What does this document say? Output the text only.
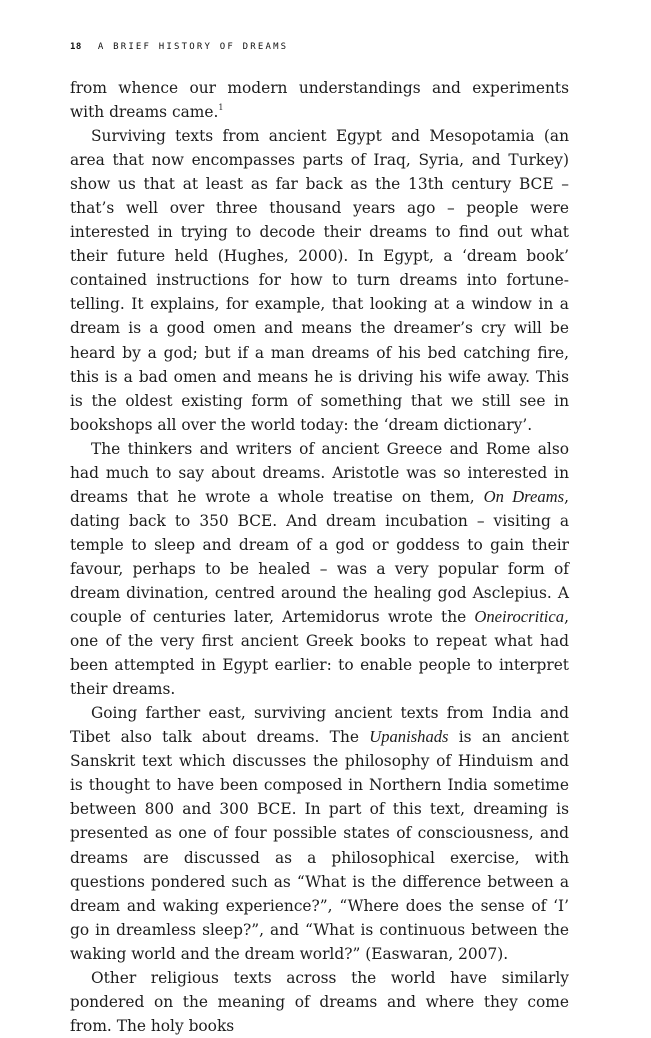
18 A BRIEF HISTORY OF DREAMS

from whence our modern understandings and experiments with dreams came.$^1$

Surviving texts from ancient Egypt and Mesopotamia (an area that now encompasses parts of Iraq, Syria, and Turkey) show us that at least as far back as the 13th century BCE – that’s well over three thousand years ago – people were interested in trying to decode their dreams to find out what their future held (Hughes, 2000). In Egypt, a ‘dream book’ contained instructions for how to turn dreams into fortune-telling. It explains, for example, that looking at a window in a dream is a good omen and means the dreamer’s cry will be heard by a god; but if a man dreams of his bed catching fire, this is a bad omen and means he is driving his wife away. This is the oldest existing form of something that we still see in bookshops all over the world today: the ‘dream dictionary’.

The thinkers and writers of ancient Greece and Rome also had much to say about dreams. Aristotle was so interested in dreams that he wrote a whole treatise on them, On Dreams, dating back to 350 BCE. And dream incubation – visiting a temple to sleep and dream of a god or goddess to gain their favour, perhaps to be healed – was a very popular form of dream divination, centred around the healing god Asclepius. A couple of centuries later, Artemidorus wrote the Oneirocritica, one of the very first ancient Greek books to repeat what had been attempted in Egypt earlier: to enable people to interpret their dreams.

Going farther east, surviving ancient texts from India and Tibet also talk about dreams. The Upanishads is an ancient Sanskrit text which discusses the philosophy of Hinduism and is thought to have been composed in Northern India sometime between 800 and 300 BCE. In part of this text, dreaming is presented as one of four possible states of consciousness, and dreams are discussed as a philosophical exercise, with questions pondered such as “What is the difference between a dream and waking experience?”, “Where does the sense of ‘I’ go in dreamless sleep?”, and “What is continuous between the waking world and the dream world?” (Easwaran, 2007).

Other religious texts across the world have similarly pondered on the meaning of dreams and where they come from. The holy books
